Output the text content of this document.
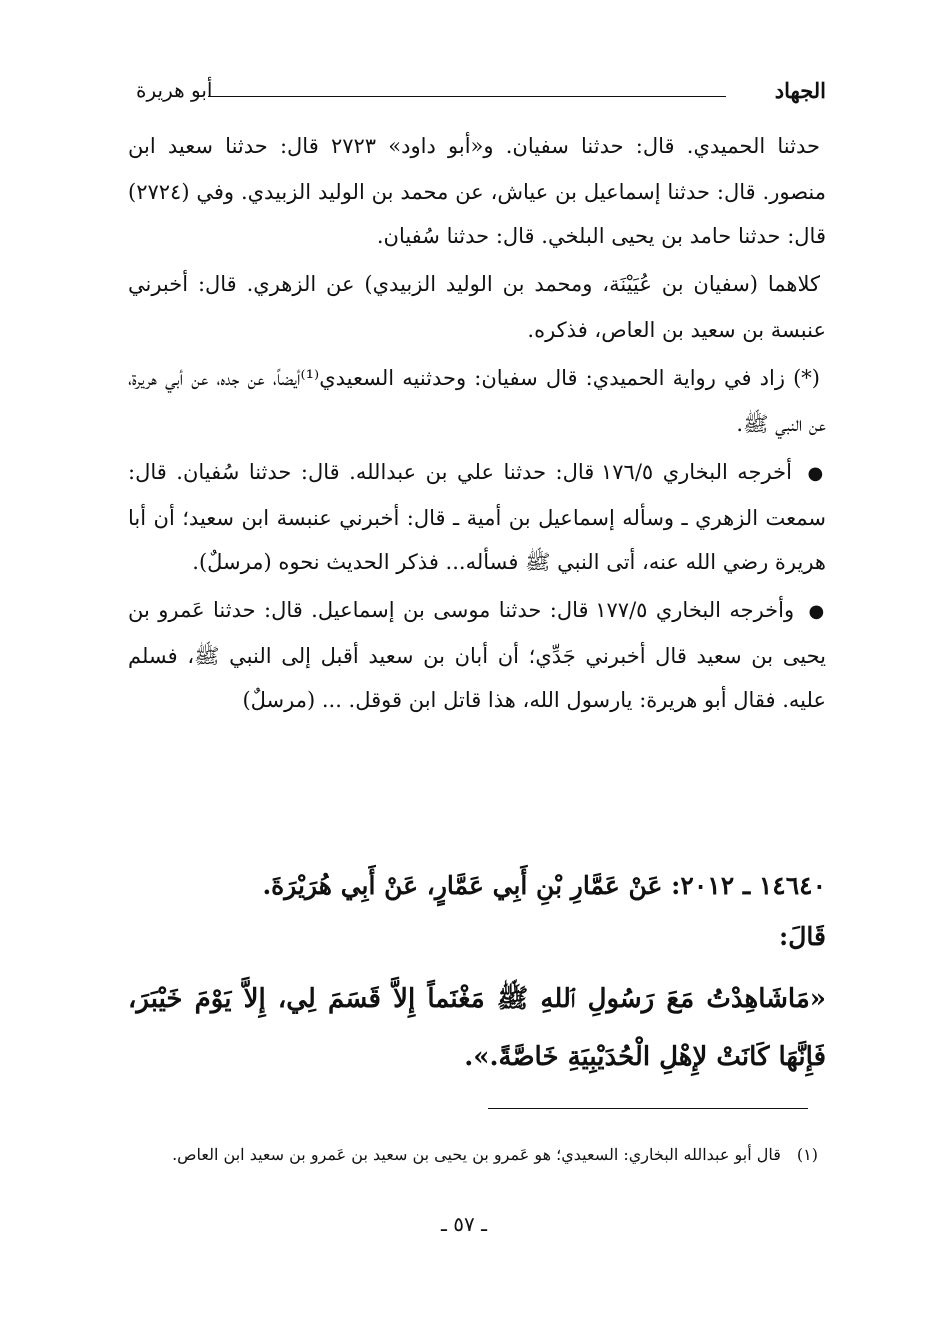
الجهاد
أبو هريرة

حدثنا الحميدي. قال: حدثنا سفيان. و«أبو داود» ٢٧٢٣ قال: حدثنا سعيد ابن منصور. قال: حدثنا إسماعيل بن عياش، عن محمد بن الوليد الزبيدي. وفي (٢٧٢٤) قال: حدثنا حامد بن يحيى البلخي. قال: حدثنا سُفيان.

كلاهما (سفيان بن عُيَيْنَة، ومحمد بن الوليد الزبيدي) عن الزهري. قال: أخبرني عنبسة بن سعيد بن العاص، فذكره.

(*) زاد في رواية الحميدي: قال سفيان: وحدثنيه السعيدي⁽¹⁾أيضاً، عن جده، عن أبي هريرة، عن النبي ﷺ.

● أخرجه البخاري ١٧٦/٥ قال: حدثنا علي بن عبدالله. قال: حدثنا سُفيان. قال: سمعت الزهري ـ وسأله إسماعيل بن أمية ـ قال: أخبرني عنبسة ابن سعيد؛ أن أبا هريرة رضي الله عنه، أتى النبي ﷺ فسأله... فذكر الحديث نحوه (مرسلٌ).

● وأخرجه البخاري ١٧٧/٥ قال: حدثنا موسى بن إسماعيل. قال: حدثنا عَمرو بن يحيى بن سعيد قال أخبرني جَدِّي؛ أن أبان بن سعيد أقبل إلى النبي ﷺ، فسلم عليه. فقال أبو هريرة: يارسول الله، هذا قاتل ابن قوقل. ... (مرسلٌ)

١٤٦٤٠ ـ ٢٠١٢: عَنْ عَمَّارِ بْنِ أَبِي عَمَّارٍ، عَنْ أَبِي هُرَيْرَةَ.

قَالَ:

«مَاشَاهِدْتُ مَعَ رَسُولِ ٱللهِ ﷺ مَغْنَماً إِلاَّ قَسَمَ لِي، إِلاَّ يَوْمَ خَيْبَرَ، فَإِنَّهَا كَانَتْ لإِهْلِ الْحُدَيْبِيَةِ خَاصَّةً.».

(١)قال أبو عبدالله البخاري: السعيدي؛ هو عَمرو بن يحيى بن سعيد بن عَمرو بن سعيد ابن العاص.
ـ ٥٧ ـ
